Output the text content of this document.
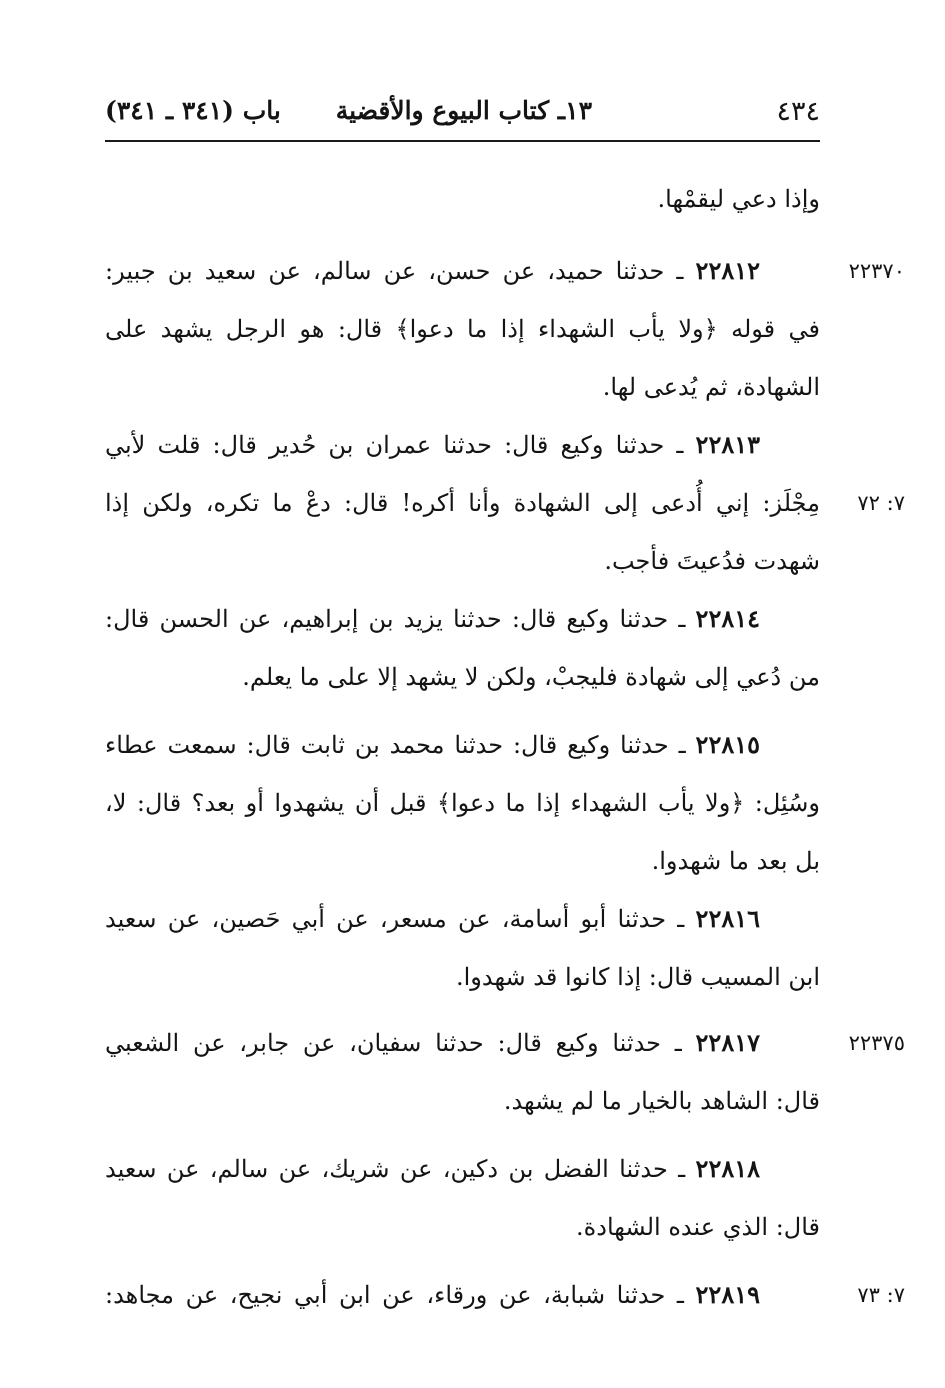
٤٣٤
١٣ـ كتاب البيوع والأقضية
باب (٣٤١ ـ ٣٤١)
وإذا دعي ليقمْها.
٢٢٣٧٠
٢٢٨١٢ ـ حدثنا حميد، عن حسن، عن سالم، عن سعيد بن جبير:
في قوله ﴿ولا يأب الشهداء إذا ما دعوا﴾ قال: هو الرجل يشهد على
الشهادة، ثم يُدعى لها.
٧: ٧٢
٢٢٨١٣ ـ حدثنا وكيع قال: حدثنا عمران بن حُدير قال: قلت لأبي
مِجْلَز: إني أُدعى إلى الشهادة وأنا أكره! قال: دعْ ما تكره، ولكن إذا
شهدت فدُعيتَ فأجب.
٢٢٨١٤ ـ حدثنا وكيع قال: حدثنا يزيد بن إبراهيم، عن الحسن قال:
من دُعي إلى شهادة فليجبْ، ولكن لا يشهد إلا على ما يعلم.
٢٢٨١٥ ـ حدثنا وكيع قال: حدثنا محمد بن ثابت قال: سمعت عطاء
وسُئِل: ﴿ولا يأب الشهداء إذا ما دعوا﴾ قبل أن يشهدوا أو بعد؟ قال: لا،
بل بعد ما شهدوا.
٢٢٨١٦ ـ حدثنا أبو أسامة، عن مسعر، عن أبي حَصين، عن سعيد
ابن المسيب قال: إذا كانوا قد شهدوا.
٢٢٣٧٥
٢٢٨١٧ ـ حدثنا وكيع قال: حدثنا سفيان، عن جابر، عن الشعبي
قال: الشاهد بالخيار ما لم يشهد.
٢٢٨١٨ ـ حدثنا الفضل بن دكين، عن شريك، عن سالم، عن سعيد
قال: الذي عنده الشهادة.
٧: ٧٣
٢٢٨١٩ ـ حدثنا شبابة، عن ورقاء، عن ابن أبي نجيح، عن مجاهد:
